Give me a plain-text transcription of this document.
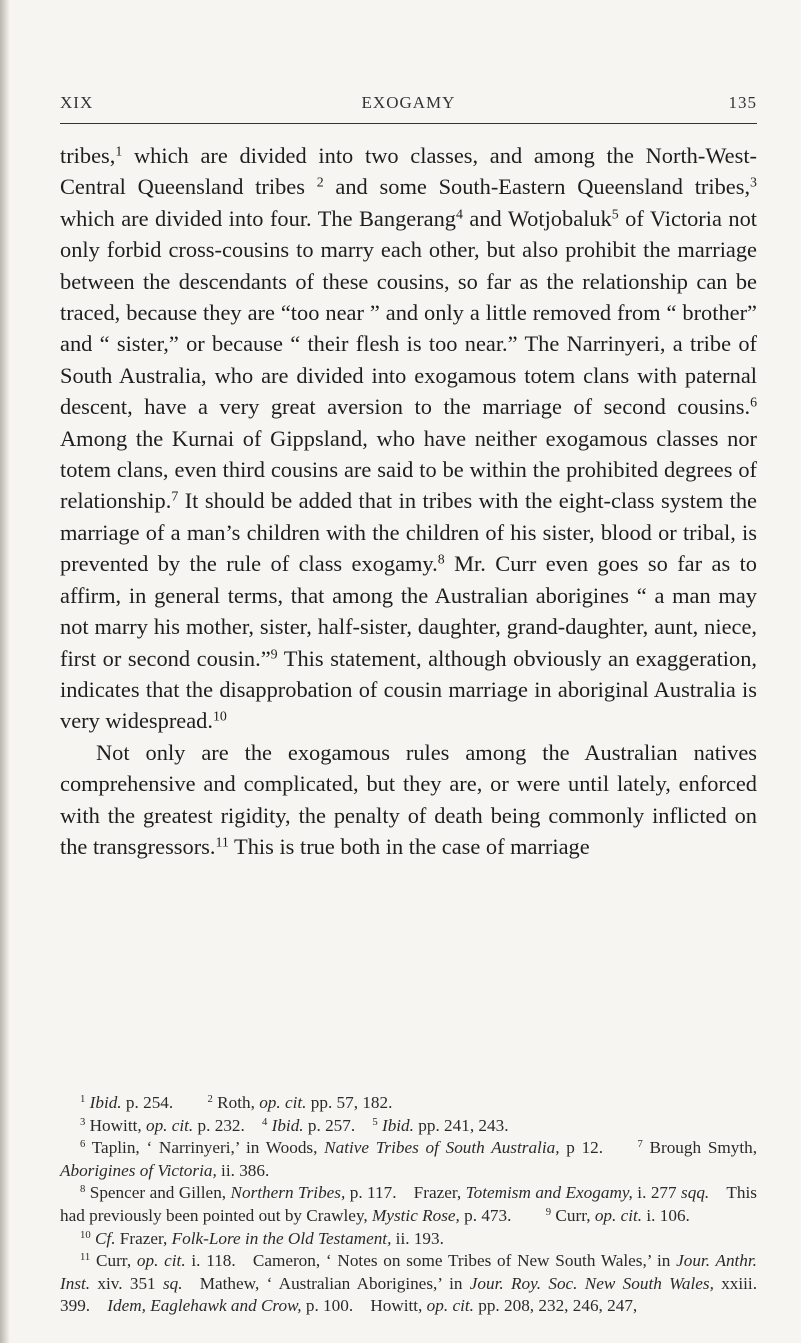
XIX	EXOGAMY	135

tribes,$^1$ which are divided into two classes, and among the North-West-Central Queensland tribes $^2$ and some South-Eastern Queensland tribes,$^3$ which are divided into four. The Bangerang$^4$ and Wotjobaluk$^5$ of Victoria not only forbid cross-cousins to marry each other, but also prohibit the marriage between the descendants of these cousins, so far as the relationship can be traced, because they are “too near ” and only a little removed from “ brother” and “ sister,” or because “ their flesh is too near.” The Narrinyeri, a tribe of South Australia, who are divided into exogamous totem clans with paternal descent, have a very great aversion to the marriage of second cousins.$^6$ Among the Kurnai of Gippsland, who have neither exogamous classes nor totem clans, even third cousins are said to be within the prohibited degrees of relationship.$^7$ It should be added that in tribes with the eight-class system the marriage of a man’s children with the children of his sister, blood or tribal, is prevented by the rule of class exogamy.$^8$ Mr. Curr even goes so far as to affirm, in general terms, that among the Australian aborigines “ a man may not marry his mother, sister, half-sister, daughter, grand-daughter, aunt, niece, first or second cousin.”$^9$ This statement, although obviously an exaggeration, indicates that the disapprobation of cousin marriage in aboriginal Australia is very widespread.$^{10}$

Not only are the exogamous rules among the Australian natives comprehensive and complicated, but they are, or were until lately, enforced with the greatest rigidity, the penalty of death being commonly inflicted on the transgressors.$^{11}$ This is true both in the case of marriage

$^1$ Ibid. p. 254.  $^2$ Roth, op. cit. pp. 57, 182.

$^3$ Howitt, op. cit. p. 232. $^4$ Ibid. p. 257. $^5$ Ibid. pp. 241, 243.

$^6$ Taplin, ‘ Narrinyeri,’ in Woods, Native Tribes of South Australia, p 12.  $^7$ Brough Smyth, Aborigines of Victoria, ii. 386.

$^8$ Spencer and Gillen, Northern Tribes, p. 117. Frazer, Totemism and Exogamy, i. 277 sqq. This had previously been pointed out by Crawley, Mystic Rose, p. 473.  $^9$ Curr, op. cit. i. 106.

$^{10}$ Cf. Frazer, Folk-Lore in the Old Testament, ii. 193.

$^{11}$ Curr, op. cit. i. 118. Cameron, ‘ Notes on some Tribes of New South Wales,’ in Jour. Anthr. Inst. xiv. 351 sq. Mathew, ‘ Australian Aborigines,’ in Jour. Roy. Soc. New South Wales, xxiii. 399. Idem, Eaglehawk and Crow, p. 100. Howitt, op. cit. pp. 208, 232, 246, 247,
